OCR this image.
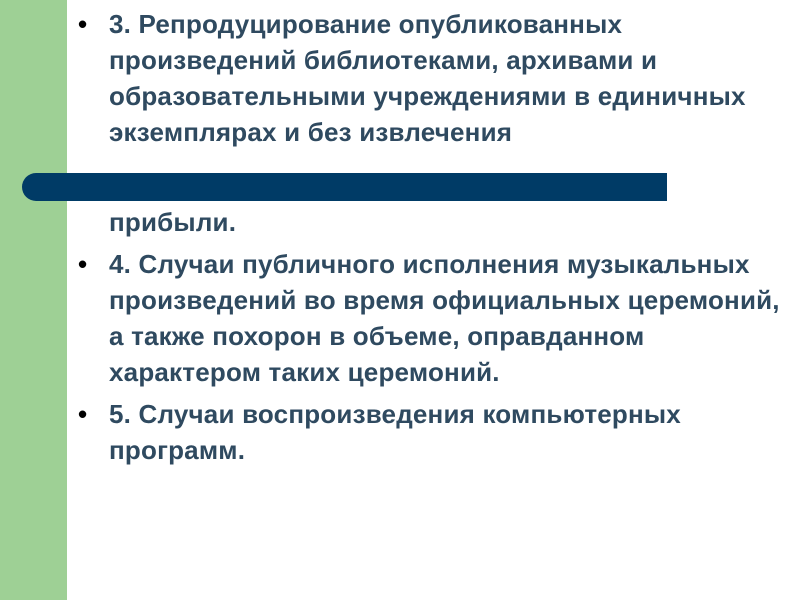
• 3. Репродуцирование опубликованных произведений библиотеками, архивами и образовательными учреждениями в единичных экземплярах и без извлечения
прибыли.
• 4. Случаи публичного исполнения музыкальных произведений во время официальных церемоний, а также похорон в объеме, оправданном характером таких церемоний.
• 5. Случаи воспроизведения компьютерных программ.
